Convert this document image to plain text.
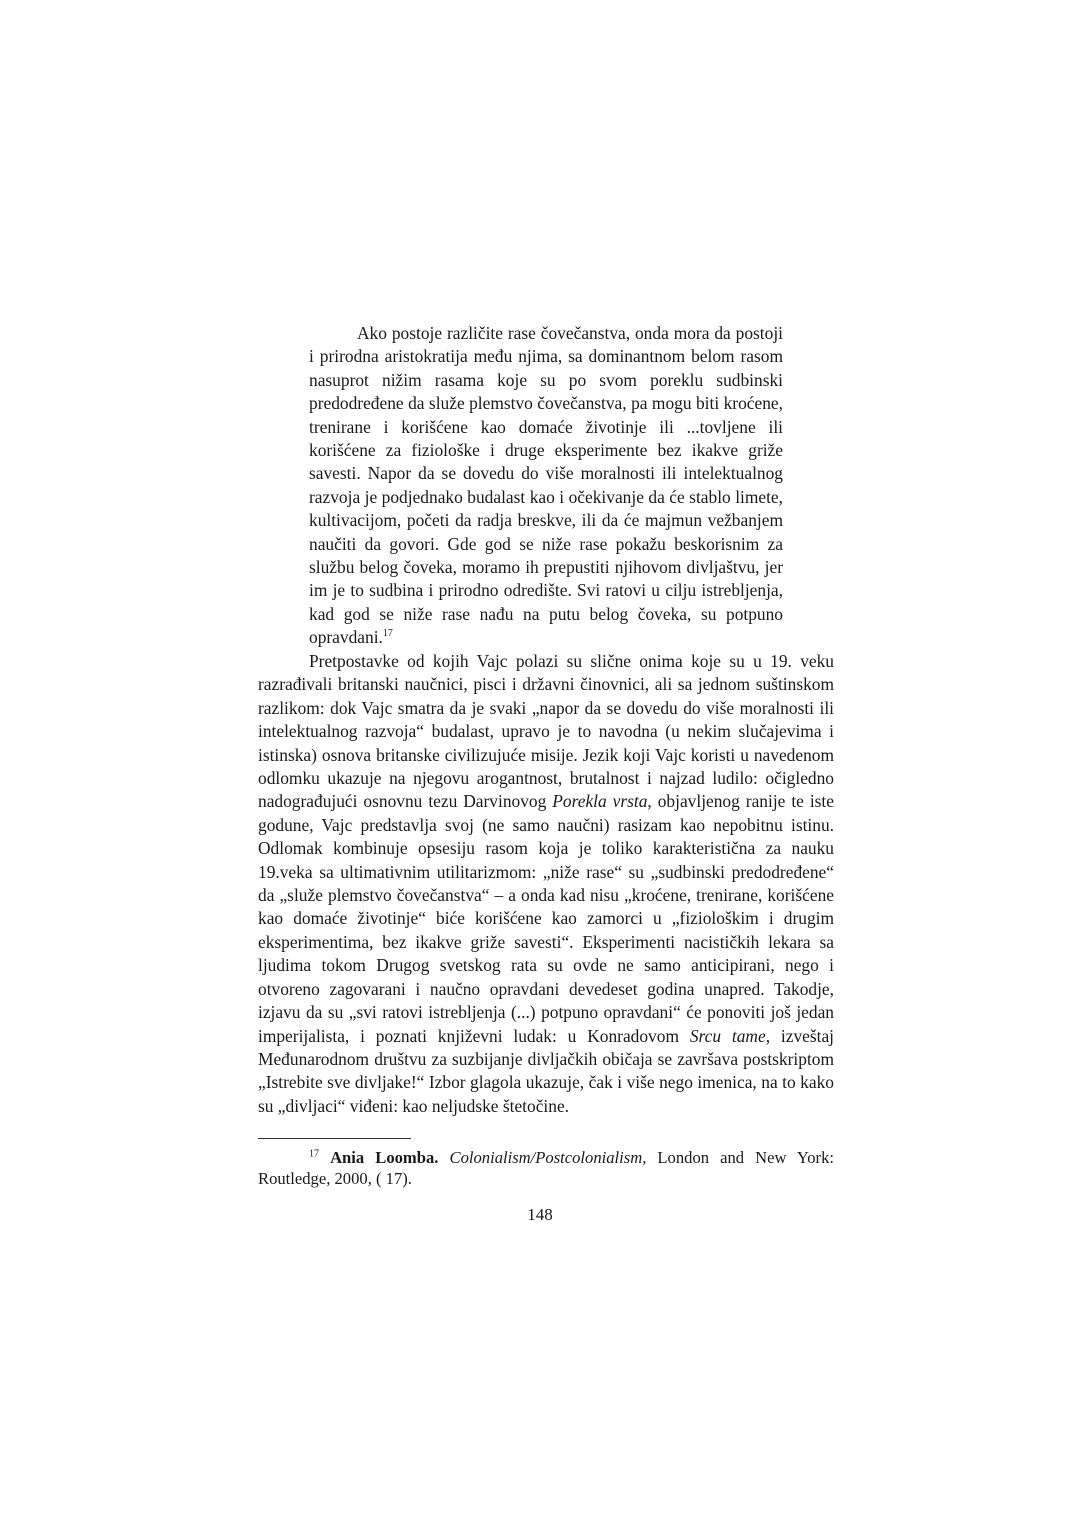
Ako postoje različite rase čovečanstva, onda mora da postoji i prirodna aristokratija među njima, sa dominantnom belom rasom nasuprot nižim rasama koje su po svom poreklu sudbinski predodređene da služe plemstvo čovečanstva, pa mogu biti kroćene, trenirane i korišćene kao domaće životinje ili ...tovljene ili korišćene za fiziološke i druge eksperimente bez ikakve griže savesti. Napor da se dovedu do više moralnosti ili intelektualnog razvoja je podjednako budalast kao i očekivanje da će stablo limete, kultivacijom, početi da radja breskve, ili da će majmun vežbanjem naučiti da govori. Gde god se niže rase pokažu beskorisnim za službu belog čoveka, moramo ih prepustiti njihovom divljaštvu, jer im je to sudbina i prirodno odredište. Svi ratovi u cilju istrebljenja, kad god se niže rase nađu na putu belog čoveka, su potpuno opravdani.$^{17}$

Pretpostavke od kojih Vajc polazi su slične onima koje su u 19. veku razrađivali britanski naučnici, pisci i državni činovnici, ali sa jednom suštinskom razlikom: dok Vajc smatra da je svaki „napor da se dovedu do više moralnosti ili intelektualnog razvoja“ budalast, upravo je to navodna (u nekim slučajevima i istinska) osnova britanske civilizujuće misije. Jezik koji Vajc koristi u navedenom odlomku ukazuje na njegovu arogantnost, brutalnost i najzad ludilo: očigledno nadograđujući osnovnu tezu Darvinovog Porekla vrsta, objavljenog ranije te iste godune, Vajc predstavlja svoj (ne samo naučni) rasizam kao nepobitnu istinu. Odlomak kombinuje opsesiju rasom koja je toliko karakteristična za nauku 19.veka sa ultimativnim utilitarizmom: „niže rase“ su „sudbinski predodređene“ da „služe plemstvo čovečanstva“ – a onda kad nisu „kroćene, trenirane, korišćene kao domaće životinje“ biće korišćene kao zamorci u „fiziološkim i drugim eksperimentima, bez ikakve griže savesti“. Eksperimenti nacističkih lekara sa ljudima tokom Drugog svetskog rata su ovde ne samo anticipirani, nego i otvoreno zagovarani i naučno opravdani devedeset godina unapred. Takodje, izjavu da su „svi ratovi istrebljenja (...) potpuno opravdani“ će ponoviti još jedan imperijalista, i poznati književni ludak: u Konradovom Srcu tame, izveštaj Međunarodnom društvu za suzbijanje divljačkih običaja se završava postskriptom „Istrebite sve divljake!“ Izbor glagola ukazuje, čak i više nego imenica, na to kako su „divljaci“ viđeni: kao neljudske štetočine.

$^{17}$ Ania Loomba. Colonialism/Postcolonialism, London and New York: Routledge, 2000, ( 17).

148
